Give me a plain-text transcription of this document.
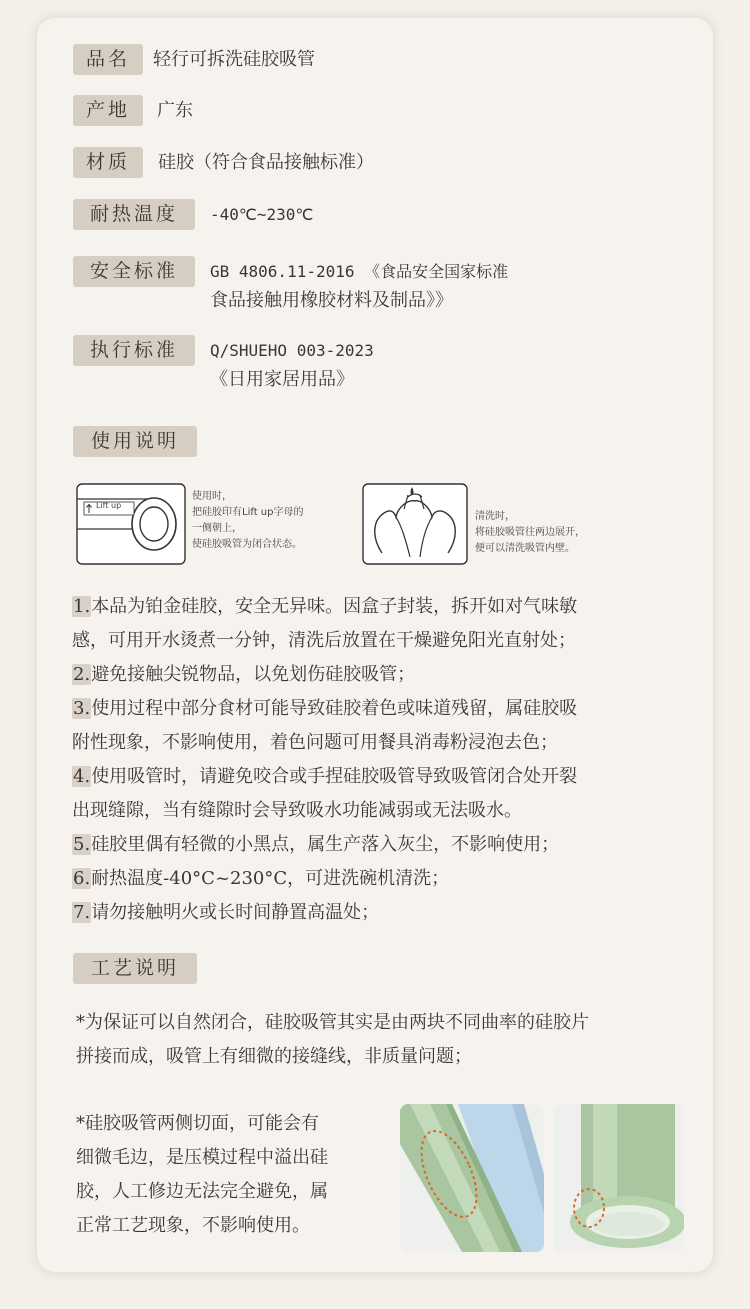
品名	轻行可拆洗硅胶吸管
产地	广东
材质	硅胶（符合食品接触标准）
耐热温度	-40℃~230℃
安全标准	GB 4806.11-2016 《食品安全国家标准
食品接触用橡胶材料及制品》》
执行标准	Q/SHUEHO 003-2023
《日用家居用品》
使用说明
Lift up
使用时，
把硅胶印有Lift up字母的
一侧朝上，
使硅胶吸管为闭合状态。
清洗时，
将硅胶吸管往两边展开，
便可以清洗吸管内壁。
1.本品为铂金硅胶，安全无异味。因盒子封装，拆开如对气味敏
感，可用开水烫煮一分钟，清洗后放置在干燥避免阳光直射处；
2.避免接触尖锐物品，以免划伤硅胶吸管；
3.使用过程中部分食材可能导致硅胶着色或味道残留，属硅胶吸
附性现象，不影响使用，着色问题可用餐具消毒粉浸泡去色；
4.使用吸管时，请避免咬合或手捏硅胶吸管导致吸管闭合处开裂
出现缝隙，当有缝隙时会导致吸水功能减弱或无法吸水。
5.硅胶里偶有轻微的小黑点，属生产落入灰尘，不影响使用；
6.耐热温度-40°C~230°C，可进洗碗机清洗；
7.请勿接触明火或长时间静置高温处；
工艺说明
*为保证可以自然闭合，硅胶吸管其实是由两块不同曲率的硅胶片
拼接而成，吸管上有细微的接缝线，非质量问题；
*硅胶吸管两侧切面，可能会有
细微毛边，是压模过程中溢出硅
胶，人工修边无法完全避免，属
正常工艺现象，不影响使用。
